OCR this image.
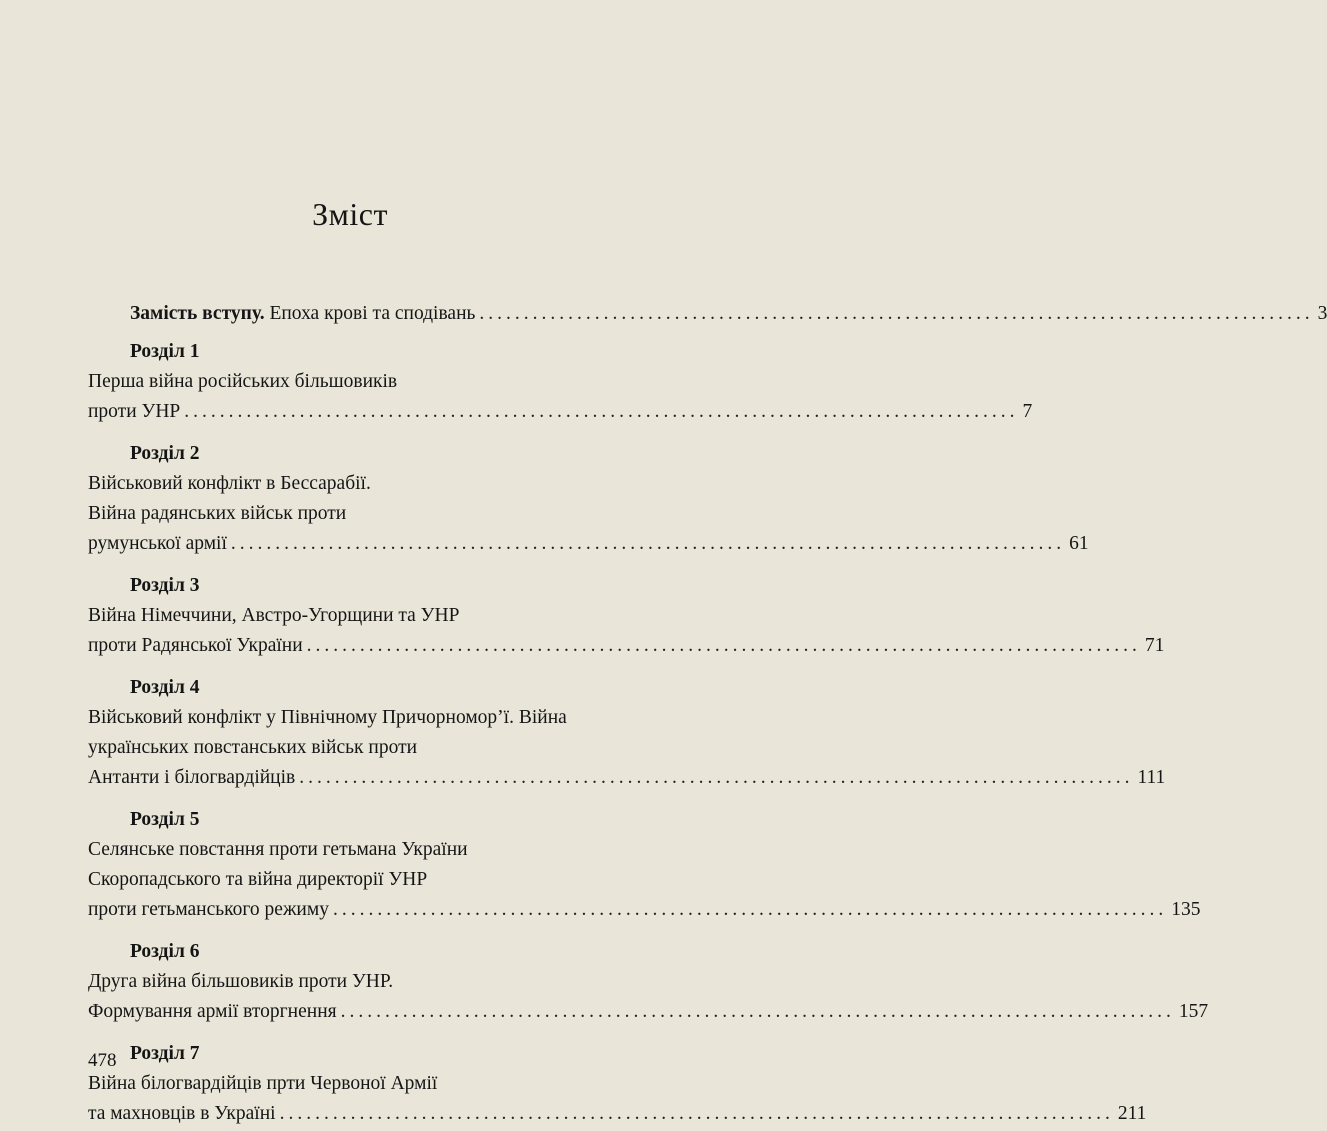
Зміст
Замість вступу. Епоха крові та сподівань .............................................................................................. 3
Розділ 1
Перша війна російських більшовиків
проти УНР .............................................................................................. 7
Розділ 2
Військовий конфлікт в Бессарабії.
Війна радянських військ проти
румунської армії .............................................................................................. 61
Розділ 3
Війна Німеччини, Австро-Угорщини та УНР
проти Радянської України .............................................................................................. 71
Розділ 4
Військовий конфлікт у Північному Причорномор’ї. Війна
українських повстанських військ проти
Антанти і білогвардійців .............................................................................................. 111
Розділ 5
Селянське повстання проти гетьмана України
Скоропадського та війна директорії УНР
проти гетьманського режиму .............................................................................................. 135
Розділ 6
Друга війна більшовиків проти УНР.
Формування армії вторгнення .............................................................................................. 157
Розділ 7
Війна білогвардійців прти Червоної Армії
та махновців в Україні .............................................................................................. 211
478
